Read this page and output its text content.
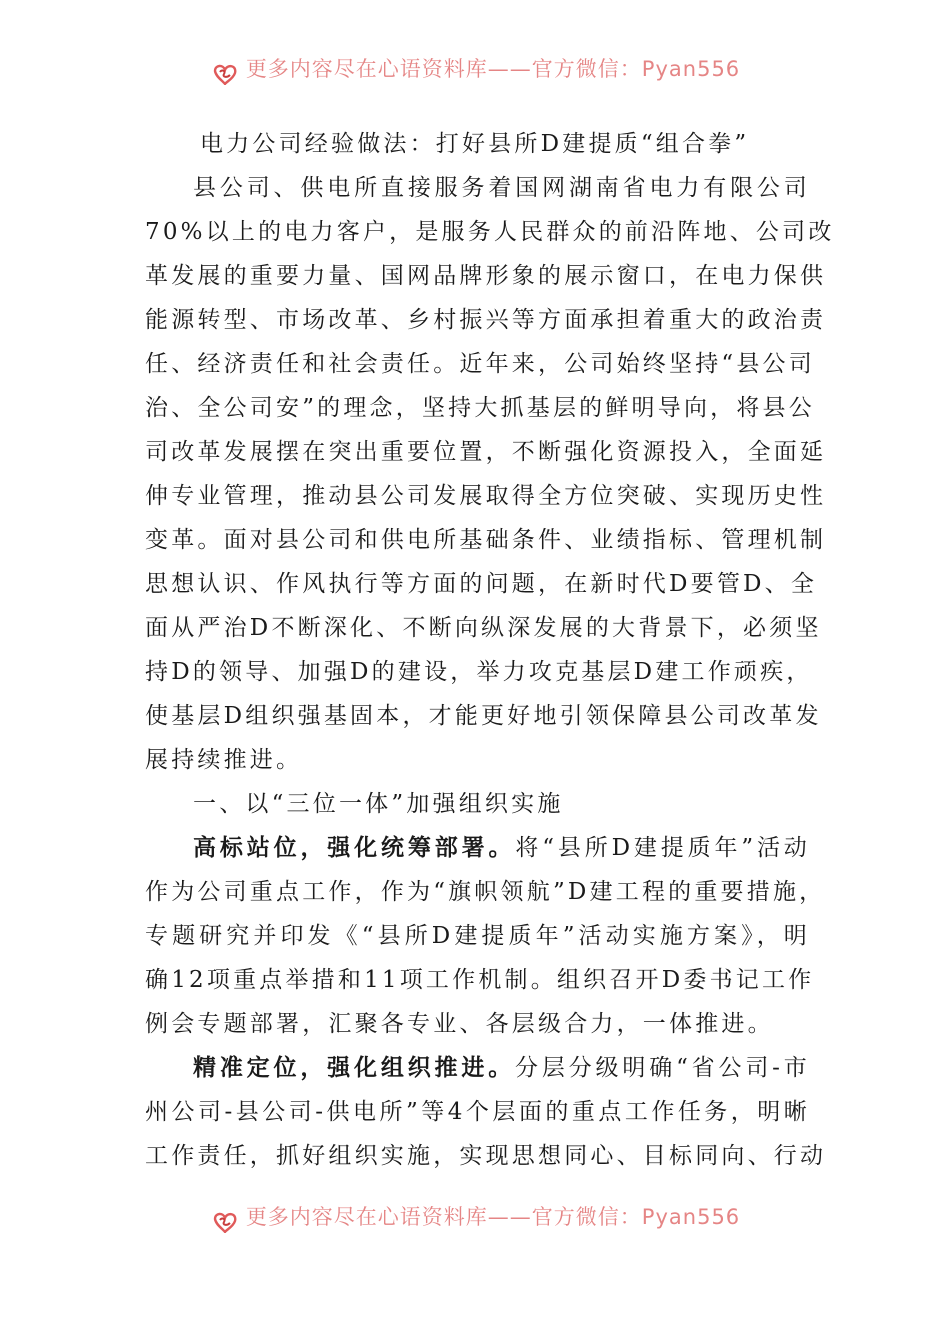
更多内容尽在心语资料库——官方微信：Pyan556
电力公司经验做法：打好县所D建提质“组合拳”
县公司、供电所直接服务着国网湖南省电力有限公司
70%以上的电力客户，是服务人民群众的前沿阵地、公司改
革发展的重要力量、国网品牌形象的展示窗口，在电力保供
能源转型、市场改革、乡村振兴等方面承担着重大的政治责
任、经济责任和社会责任。近年来，公司始终坚持“县公司
治、全公司安”的理念，坚持大抓基层的鲜明导向，将县公
司改革发展摆在突出重要位置，不断强化资源投入，全面延
伸专业管理，推动县公司发展取得全方位突破、实现历史性
变革。面对县公司和供电所基础条件、业绩指标、管理机制
思想认识、作风执行等方面的问题，在新时代D要管D、全
面从严治D不断深化、不断向纵深发展的大背景下，必须坚
持D的领导、加强D的建设，举力攻克基层D建工作顽疾，
使基层D组织强基固本，才能更好地引领保障县公司改革发
展持续推进。
一、以“三位一体”加强组织实施
高标站位，强化统筹部署。将“县所D建提质年”活动
作为公司重点工作，作为“旗帜领航”D建工程的重要措施，
专题研究并印发《“县所D建提质年”活动实施方案》，明
确12项重点举措和11项工作机制。组织召开D委书记工作
例会专题部署，汇聚各专业、各层级合力，一体推进。
精准定位，强化组织推进。分层分级明确“省公司-市
州公司-县公司-供电所”等4个层面的重点工作任务，明晰
工作责任，抓好组织实施，实现思想同心、目标同向、行动
更多内容尽在心语资料库——官方微信：Pyan556
